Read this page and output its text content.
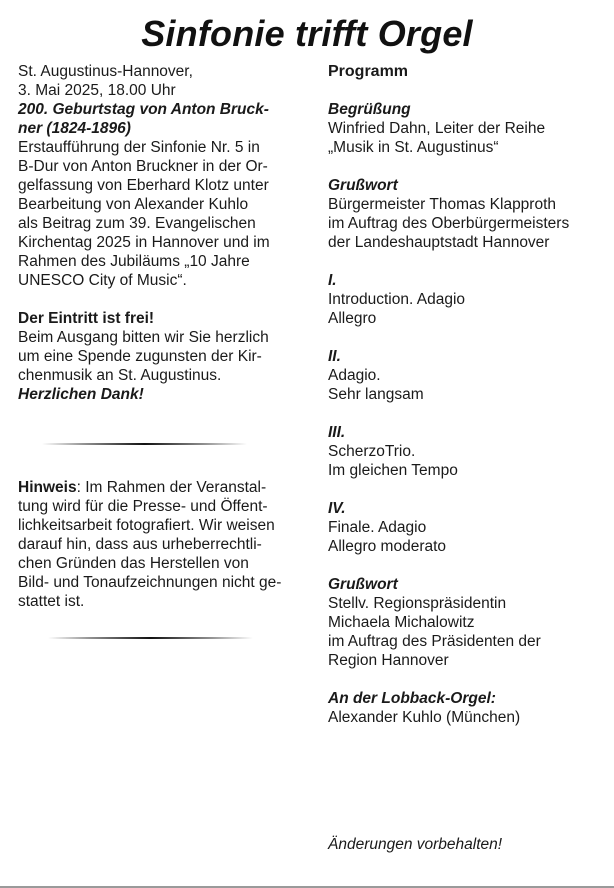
Sinfonie trifft Orgel
St. Augustinus-Hannover,
3. Mai 2025, 18.00 Uhr
200. Geburtstag von Anton Bruck-
ner (1824-1896)
Erstaufführung der Sinfonie Nr. 5 in
B-Dur von Anton Bruckner in der Or-
gelfassung von Eberhard Klotz unter
Bearbeitung von Alexander Kuhlo
als Beitrag zum 39. Evangelischen
Kirchentag 2025 in Hannover und im
Rahmen des Jubiläums „10 Jahre
UNESCO City of Music“.
Der Eintritt ist frei!
Beim Ausgang bitten wir Sie herzlich
um eine Spende zugunsten der Kir-
chenmusik an St. Augustinus.
Herzlichen Dank!
Hinweis: Im Rahmen der Veranstal-
tung wird für die Presse- und Öffent-
lichkeitsarbeit fotografiert. Wir weisen
darauf hin, dass aus urheberrechtli-
chen Gründen das Herstellen von
Bild- und Tonaufzeichnungen nicht ge-
stattet ist.
Programm
Begrüßung
Winfried Dahn, Leiter der Reihe
„Musik in St. Augustinus“
Grußwort
Bürgermeister Thomas Klapproth
im Auftrag des Oberbürgermeisters
der Landeshauptstadt Hannover
I.
Introduction. Adagio
Allegro
II.
Adagio.
Sehr langsam
III.
ScherzoTrio.
Im gleichen Tempo
IV.
Finale. Adagio
Allegro moderato
Grußwort
Stellv. Regionspräsidentin
Michaela Michalowitz
im Auftrag des Präsidenten der
Region Hannover
An der Lobback-Orgel:
Alexander Kuhlo (München)
Änderungen vorbehalten!
